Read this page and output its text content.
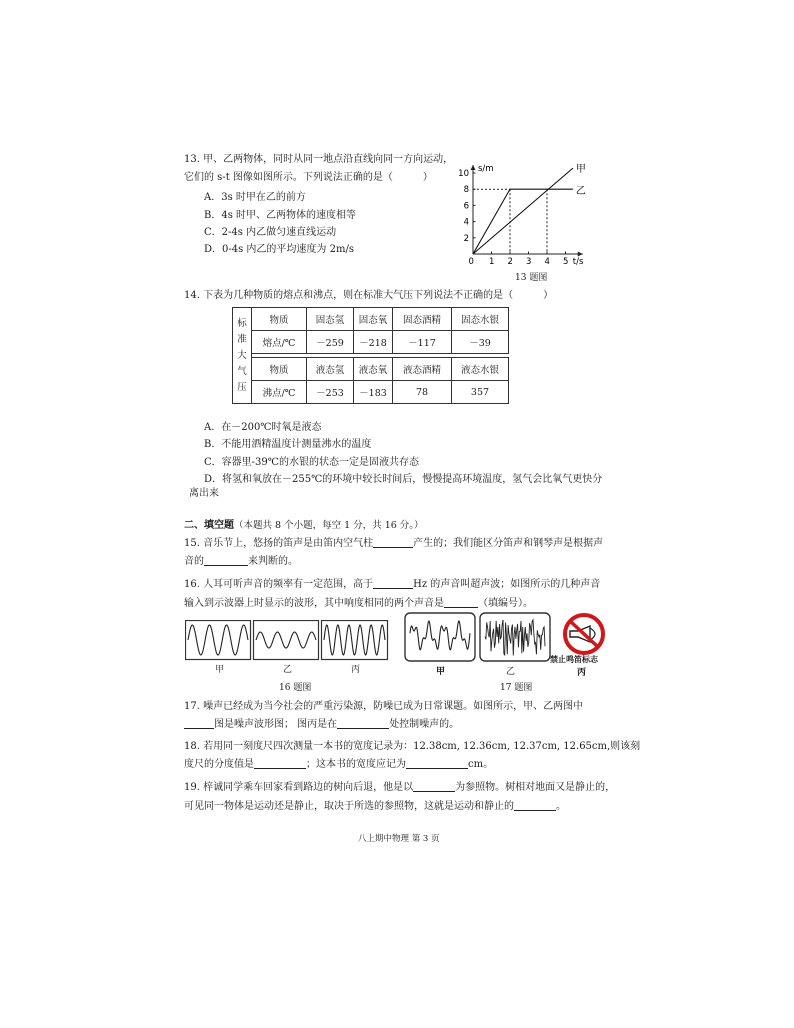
13. 甲、乙两物体，同时从同一地点沿直线向同一方向运动，
它们的 s-t 图像如图所示。下列说法正确的是（　　　）
A．3s 时甲在乙的前方
B．4s 时甲、乙两物体的速度相等
C．2-4s 内乙做匀速直线运动
D．0-4s 内乙的平均速度为 2m/s
s/m
t/s
0 1 2 3 4 5
2
4
6
8
10	甲
乙
13 题图
14. 下表为几种物质的熔点和沸点，则在标准大气压下列说法不正确的是（　　　）
标
准
大
气
压	物质	固态氢	固态氧	固态酒精	固态水银
	熔点/℃	－259	－218	－117	－39

	物质	液态氢	液态氧	液态酒精	液态水银
	沸点/℃	－253	－183	78	357
A．在－200℃时氧是液态
B．不能用酒精温度计测量沸水的温度
C．容器里-39℃的水银的状态一定是固液共存态
D．将氢和氧放在－255℃的环境中较长时间后，慢慢提高环境温度，氢气会比氧气更快分
离出来
二、填空题（本题共 8 个小题，每空 1 分，共 16 分。）
15. 音乐节上，悠扬的笛声是由笛内空气柱	产生的；我们能区分笛声和钢琴声是根据声
音的	来判断的。
16. 人耳可听声音的频率有一定范围，高于	Hz 的声音叫超声波；如图所示的几种声音
输入到示波器上时显示的波形，其中响度相同的两个声音是	（填编号）。
甲	乙	丙
16 题图
甲	乙
禁止鸣笛标志
丙
17 题图
17. 噪声已经成为当今社会的严重污染源，防噪已成为日常课题。如图所示，甲、乙两图中
图是噪声波形图； 图丙是在	处控制噪声的。
18. 若用同一刻度尺四次测量一本书的宽度记录为：12.38cm, 12.36cm, 12.37cm, 12.65cm,则该刻
度尺的分度值是	；这本书的宽度应记为	cm。
19. 梓诚同学乘车回家看到路边的树向后退，他是以	为参照物。树相对地面又是静止的，
可见同一物体是运动还是静止，取决于所选的参照物，这就是运动和静止的	。
八上期中物理 第 3 页
